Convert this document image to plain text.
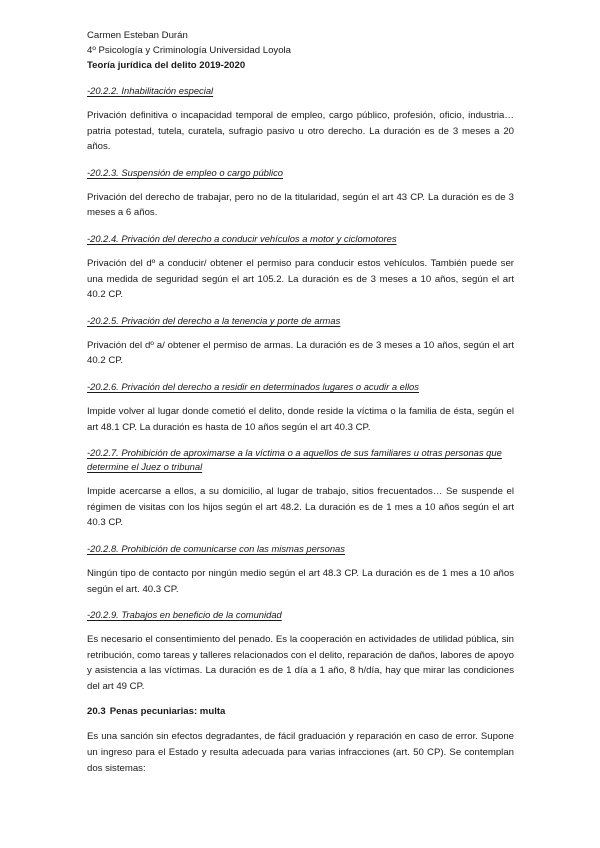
Carmen Esteban Durán
4º Psicología y Criminología Universidad Loyola
Teoría jurídica del delito 2019-2020
-20.2.2. Inhabilitación especial
Privación definitiva o incapacidad temporal de empleo, cargo público, profesión, oficio, industria… patria potestad, tutela, curatela, sufragio pasivo u otro derecho. La duración es de 3 meses a 20 años.
-20.2.3. Suspensión de empleo o cargo público
Privación del derecho de trabajar, pero no de la titularidad, según el art 43 CP. La duración es de 3 meses a 6 años.
-20.2.4. Privación del derecho a conducir vehículos a motor y ciclomotores
Privación del dº a conducir/ obtener el permiso para conducir estos vehículos. También puede ser una medida de seguridad según el art 105.2. La duración es de 3 meses a 10 años, según el art 40.2 CP.
-20.2.5. Privación del derecho a la tenencia y porte de armas
Privación del dº a/ obtener el permiso de armas. La duración es de 3 meses a 10 años, según el art 40.2 CP.
-20.2.6. Privación del derecho a residir en determinados lugares o acudir a ellos
Impide volver al lugar donde cometió el delito, donde reside la víctima o la familia de ésta, según el art 48.1 CP. La duración es hasta de 10 años según el art 40.3 CP.
-20.2.7. Prohibición de aproximarse a la víctima o a aquellos de sus familiares u otras personas que determine el Juez o tribunal
Impide acercarse a ellos, a su domicilio, al lugar de trabajo, sitios frecuentados… Se suspende el régimen de visitas con los hijos según el art 48.2. La duración es de 1 mes a 10 años según el art 40.3 CP.
-20.2.8. Prohibición de comunicarse con las mismas personas
Ningún tipo de contacto por ningún medio según el art 48.3 CP. La duración es de 1 mes a 10 años según el art. 40.3 CP.
-20.2.9. Trabajos en beneficio de la comunidad
Es necesario el consentimiento del penado. Es la cooperación en actividades de utilidad pública, sin retribución, como tareas y talleres relacionados con el delito, reparación de daños, labores de apoyo y asistencia a las víctimas. La duración es de 1 día a 1 año, 8 h/día, hay que mirar las condiciones del art 49 CP.
20.3 Penas pecuniarias: multa
Es una sanción sin efectos degradantes, de fácil graduación y reparación en caso de error. Supone un ingreso para el Estado y resulta adecuada para varias infracciones (art. 50 CP). Se contemplan dos sistemas:
